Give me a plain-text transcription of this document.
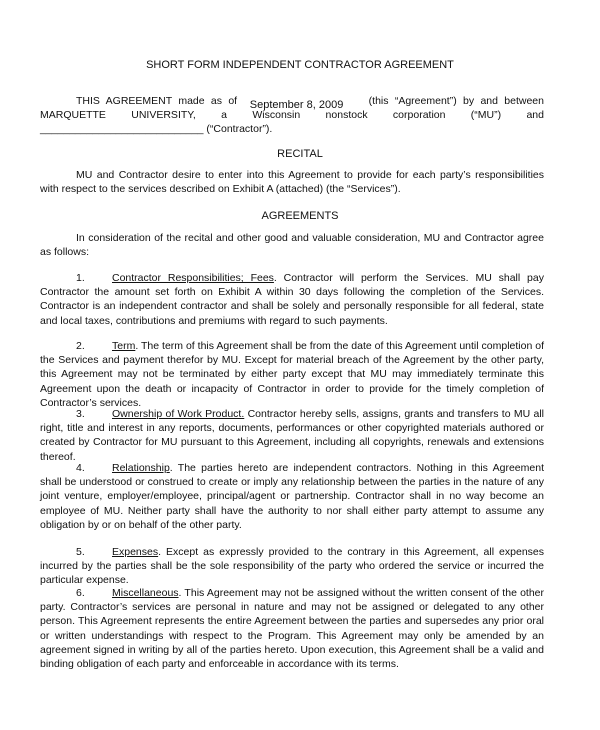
SHORT FORM INDEPENDENT CONTRACTOR AGREEMENT
THIS AGREEMENT made as of September 8, 2009 (this “Agreement”) by and between MARQUETTE UNIVERSITY, a Wisconsin nonstock corporation (“MU”) and ____________________________ (“Contractor”).
RECITAL
MU and Contractor desire to enter into this Agreement to provide for each party’s responsibilities with respect to the services described on Exhibit A (attached) (the “Services”).
AGREEMENTS
In consideration of the recital and other good and valuable consideration, MU and Contractor agree as follows:
1.	Contractor Responsibilities; Fees. Contractor will perform the Services. MU shall pay Contractor the amount set forth on Exhibit A within 30 days following the completion of the Services. Contractor is an independent contractor and shall be solely and personally responsible for all federal, state and local taxes, contributions and premiums with regard to such payments.
2.	Term. The term of this Agreement shall be from the date of this Agreement until completion of the Services and payment therefor by MU. Except for material breach of the Agreement by the other party, this Agreement may not be terminated by either party except that MU may immediately terminate this Agreement upon the death or incapacity of Contractor in order to provide for the timely completion of Contractor’s services.
3.	Ownership of Work Product. Contractor hereby sells, assigns, grants and transfers to MU all right, title and interest in any reports, documents, performances or other copyrighted materials authored or created by Contractor for MU pursuant to this Agreement, including all copyrights, renewals and extensions thereof.
4.	Relationship. The parties hereto are independent contractors. Nothing in this Agreement shall be understood or construed to create or imply any relationship between the parties in the nature of any joint venture, employer/employee, principal/agent or partnership. Contractor shall in no way become an employee of MU. Neither party shall have the authority to nor shall either party attempt to assume any obligation by or on behalf of the other party.
5.	Expenses. Except as expressly provided to the contrary in this Agreement, all expenses incurred by the parties shall be the sole responsibility of the party who ordered the service or incurred the particular expense.
6.	Miscellaneous. This Agreement may not be assigned without the written consent of the other party. Contractor’s services are personal in nature and may not be assigned or delegated to any other person. This Agreement represents the entire Agreement between the parties and supersedes any prior oral or written understandings with respect to the Program. This Agreement may only be amended by an agreement signed in writing by all of the parties hereto. Upon execution, this Agreement shall be a valid and binding obligation of each party and enforceable in accordance with its terms.
